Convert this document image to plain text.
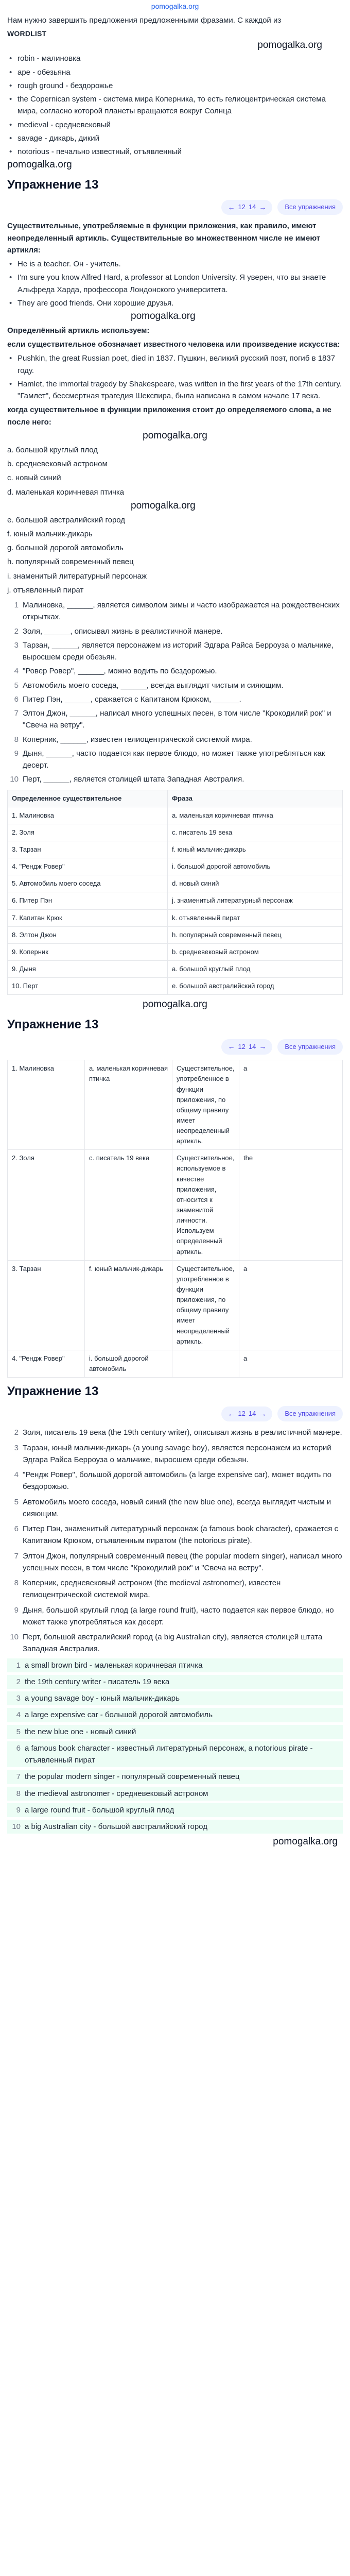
pomogalka.org
Нам нужно завершить предложения предложенными фразами. С каждой из
WORDLIST
pomogalka.org
• robin - малиновка
• ape - обезьяна
• rough ground - бездорожье
• the Copernican system - система мира Коперника, то есть гелиоцентрическая система мира, согласно которой планеты вращаются вокруг Солнца
• medieval - средневековый
• savage - дикарь, дикий
• notorious - печально известный, отъявленный
pomogalka.org
Упражнение 13
← 12 14 →	Все упражнения

Существительные, употребляемые в функции приложения, как правило, имеют неопределенный артикль. Существительные во множественном числе не имеют артикля:

• He is a teacher. Он - учитель.
• I'm sure you know Alfred Hard, a professor at London University. Я уверен, что вы знаете Альфреда Харда, профессора Лондонского университета.
• They are good friends. Они хорошие друзья.
pomogalka.org

Определённый артикль используем:

если существительное обозначает известного человека или произведение искусства:

• Pushkin, the great Russian poet, died in 1837. Пушкин, великий русский поэт, погиб в 1837 году.
• Hamlet, the immortal tragedy by Shakespeare, was written in the first years of the 17th century. "Гамлет", бессмертная трагедия Шекспира, была написана в самом начале 17 века.

когда существительное в функции приложения стоит до определяемого слова, а не после него:

pomogalka.org

a. большой круглый плод

b. средневековый астроном

c. новый синий

d. маленькая коричневая птичка

pomogalka.org

e. большой австралийский город

f. юный мальчик-дикарь

g. большой дорогой автомобиль

h. популярный современный певец

i. знаменитый литературный персонаж

j. отъявленный пират

1 Малиновка, ______, является символом зимы и часто изображается на рождественских открытках.
2 Золя, ______, описывал жизнь в реалистичной манере.
3 Тарзан, ______, является персонажем из историй Эдгара Райса Берроуза о мальчике, выросшем среди обезьян.
4 "Ровер Ровер", ______, можно водить по бездорожью.
5 Автомобиль моего соседа, ______, всегда выглядит чистым и сияющим.
6 Питер Пэн, ______, сражается с Капитаном Крюком, ______.
7 Элтон Джон, ______, написал много успешных песен, в том числе "Крокодилий рок" и "Свеча на ветру".
8 Коперник, ______, известен гелиоцентрической системой мира.
9 Дыня, ______, часто подается как первое блюдо, но может также употребляться как десерт.
10 Перт, ______, является столицей штата Западная Австралия.
Определенное существительное	Фраза
1. Малиновка	a. маленькая коричневая птичка
2. Золя	c. писатель 19 века
3. Тарзан	f. юный мальчик-дикарь
4. "Рендж Ровер"	i. большой дорогой автомобиль
5. Автомобиль моего соседа	d. новый синий
6. Питер Пэн	j. знаменитый литературный персонаж
7. Капитан Крюк	k. отъявленный пират
8. Элтон Джон	h. популярный современный певец
9. Коперник	b. средневековый астроном
9. Дыня	a. большой круглый плод
10. Перт	e. большой австралийский город
pomogalka.org
Упражнение 13
← 12 14 →	Все упражнения
1. Малиновка	a. маленькая коричневая птичка	Существительное, употребленное в функции приложения, по общему правилу имеет неопределенный артикль.	a
2. Золя	c. писатель 19 века	Существительное, используемое в качестве приложения, относится к знаменитой личности. Используем определенный артикль.	the
3. Тарзан	f. юный мальчик-дикарь	Существительное, употребленное в функции приложения, по общему правилу имеет неопределенный артикль.	a
4. "Рендж Ровер"	i. большой дорогой автомобиль		a
Упражнение 13
← 12 14 →	Все упражнения
2 Золя, писатель 19 века (the 19th century writer), описывал жизнь в реалистичной манере.
3 Тарзан, юный мальчик-дикарь (a young savage boy), является персонажем из историй Эдгара Райса Берроуза о мальчике, выросшем среди обезьян.
4 "Рендж Ровер", большой дорогой автомобиль (a large expensive car), может водить по бездорожью.
5 Автомобиль моего соседа, новый синий (the new blue one), всегда выглядит чистым и сияющим.
6 Питер Пэн, знаменитый литературный персонаж (a famous book character), сражается с Капитаном Крюком, отъявленным пиратом (the notorious pirate).
7 Элтон Джон, популярный современный певец (the popular modern singer), написал много успешных песен, в том числе "Крокодилий рок" и "Свеча на ветру".
8 Коперник, средневековый астроном (the medieval astronomer), известен гелиоцентрической системой мира.
9 Дыня, большой круглый плод (a large round fruit), часто подается как первое блюдо, но может также употребляться как десерт.
10 Перт, большой австралийский город (a big Australian city), является столицей штата Западная Австралия.
1 a small brown bird - маленькая коричневая птичка
2 the 19th century writer - писатель 19 века
3 a young savage boy - юный мальчик-дикарь
4 a large expensive car - большой дорогой автомобиль
5 the new blue one - новый синий
6 a famous book character - известный литературный персонаж, a notorious pirate - отъявленный пират
7 the popular modern singer - популярный современный певец
8 the medieval astronomer - средневековый астроном
9 a large round fruit - большой круглый плод
10 a big Australian city - большой австралийский город
pomogalka.org
